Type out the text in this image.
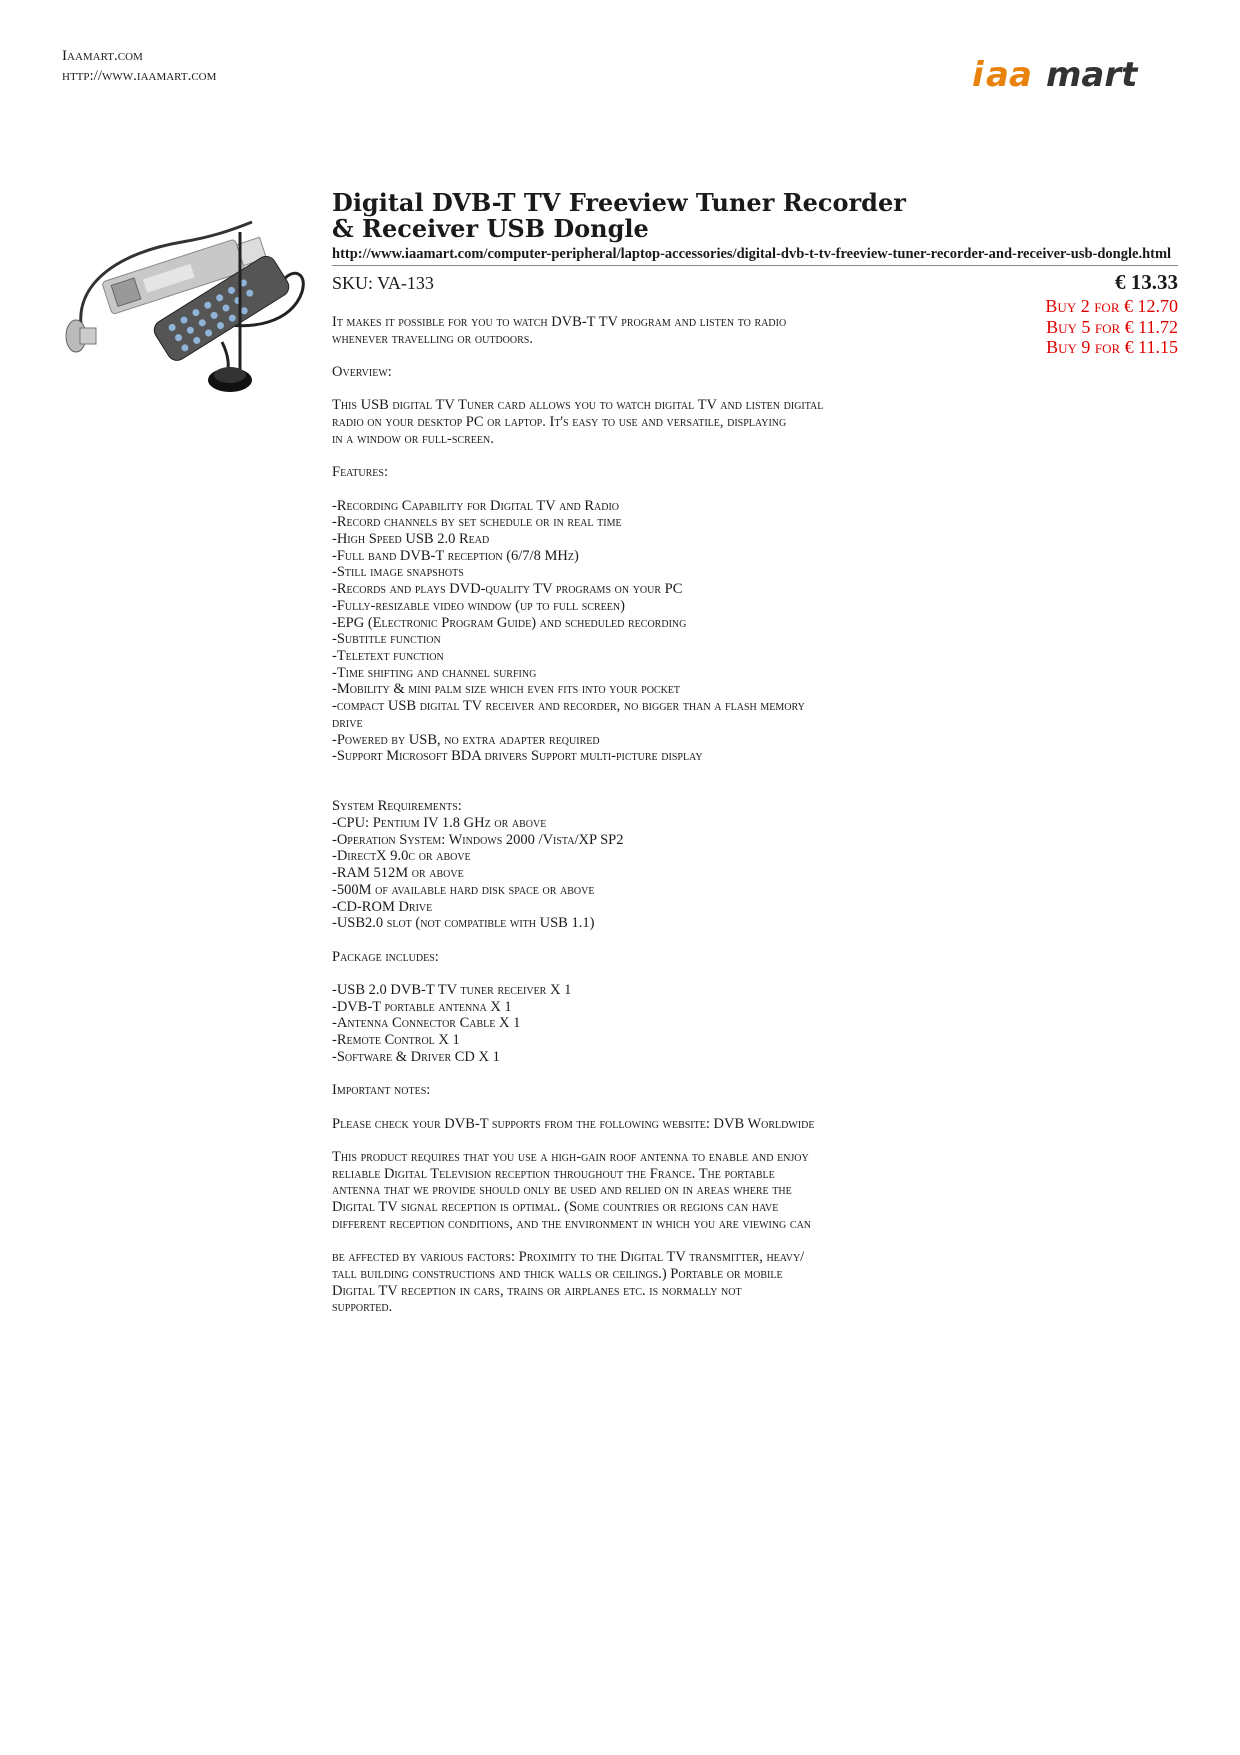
Iaamart.com
http://www.iaamart.com	i aa mart
Digital DVB-T TV Freeview Tuner Recorder & Receiver USB Dongle
http://www.iaamart.com/computer-peripheral/laptop-accessories/digital-dvb-t-tv-freeview-tuner-recorder-and-receiver-usb-dongle.html
SKU: VA-133	€ 13.33
Buy 2 for € 12.70
Buy 5 for € 11.72
Buy 9 for € 11.15
It makes it possible for you to watch DVB-T TV program and listen to radio
whenever travelling or outdoors.
Overview:
This USB digital TV Tuner card allows you to watch digital TV and listen digital
radio on your desktop PC or laptop. It's easy to use and versatile, displaying
in a window or full-screen.
Features:
-Recording Capability for Digital TV and Radio
-Record channels by set schedule or in real time
-High Speed USB 2.0 Read
-Full band DVB-T reception (6/7/8 MHz)
-Still image snapshots
-Records and plays DVD-quality TV programs on your PC
-Fully-resizable video window (up to full screen)
-EPG (Electronic Program Guide) and scheduled recording
-Subtitle function
-Teletext function
-Time shifting and channel surfing
-Mobility & mini palm size which even fits into your pocket
-compact USB digital TV receiver and recorder, no bigger than a flash memory
drive
-Powered by USB, no extra adapter required
-Support Microsoft BDA drivers Support multi-picture display
System Requirements:
-CPU: Pentium IV 1.8 GHz or above
-Operation System: Windows 2000 /Vista/XP SP2
-DirectX 9.0c or above
-RAM 512M or above
-500M of available hard disk space or above
-CD-ROM Drive
-USB2.0 slot (not compatible with USB 1.1)
Package includes:
-USB 2.0 DVB-T TV tuner receiver X 1
-DVB-T portable antenna X 1
-Antenna Connector Cable X 1
-Remote Control X 1
-Software & Driver CD X 1
Important notes:
Please check your DVB-T supports from the following website: DVB Worldwide
This product requires that you use a high-gain roof antenna to enable and enjoy
reliable Digital Television reception throughout the France. The portable
antenna that we provide should only be used and relied on in areas where the
Digital TV signal reception is optimal. (Some countries or regions can have
different reception conditions, and the environment in which you are viewing can
be affected by various factors: Proximity to the Digital TV transmitter, heavy/
tall building constructions and thick walls or ceilings.) Portable or mobile
Digital TV reception in cars, trains or airplanes etc. is normally not
supported.
